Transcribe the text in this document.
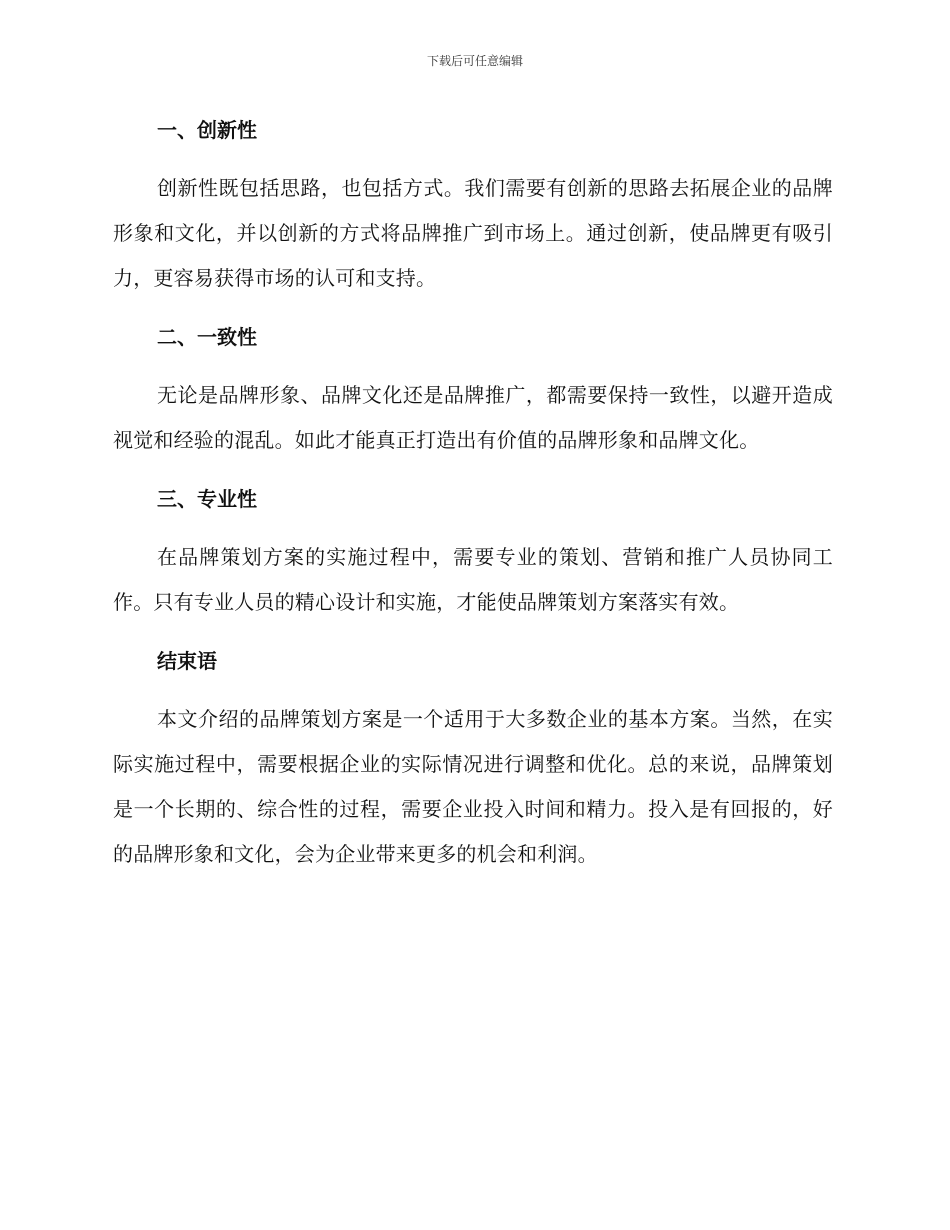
下载后可任意编辑
一、创新性

创新性既包括思路，也包括方式。我们需要有创新的思路去拓展企业的品牌形象和文化，并以创新的方式将品牌推广到市场上。通过创新，使品牌更有吸引力，更容易获得市场的认可和支持。

二、一致性

无论是品牌形象、品牌文化还是品牌推广，都需要保持一致性，以避开造成视觉和经验的混乱。如此才能真正打造出有价值的品牌形象和品牌文化。

三、专业性

在品牌策划方案的实施过程中，需要专业的策划、营销和推广人员协同工作。只有专业人员的精心设计和实施，才能使品牌策划方案落实有效。

结束语

本文介绍的品牌策划方案是一个适用于大多数企业的基本方案。当然，在实际实施过程中，需要根据企业的实际情况进行调整和优化。总的来说，品牌策划是一个长期的、综合性的过程，需要企业投入时间和精力。投入是有回报的，好的品牌形象和文化，会为企业带来更多的机会和利润。
